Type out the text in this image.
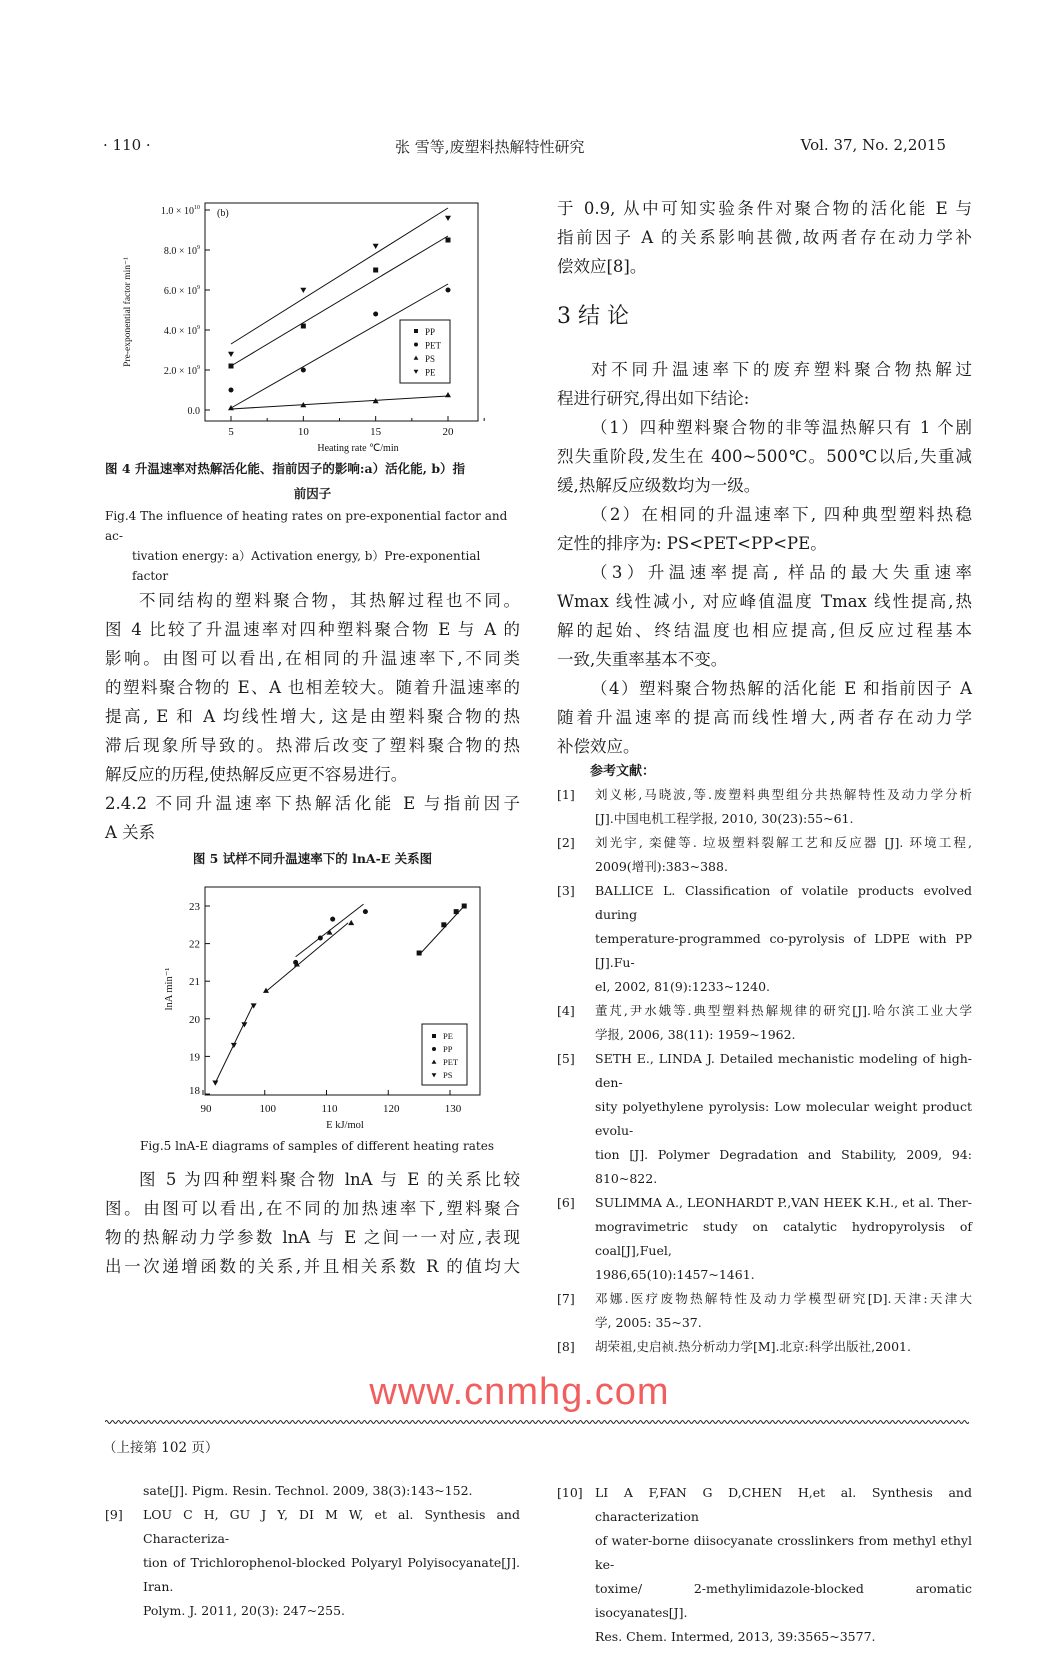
· 110 ·	张 雪等,废塑料热解特性研究	Vol. 37, No. 2,2015
5	10	15	20
0.0
$2.0 \times 10^9$
$4.0 \times 10^9$
$6.0 \times 10^9$
$8.0 \times 10^9$
$1.0 \times 10^{10}$ (b)
Heating rate ℃/min
Pre-exponential factor min⁻¹	PP
PET
PS
PE
图 4 升温速率对热解活化能、指前因子的影响:a）活化能, b）指
前因子
Fig.4 The influence of heating rates on pre-exponential factor and ac-
tivation energy: a）Activation energy, b）Pre-exponential factor
不同结构的塑料聚合物，其热解过程也不同。
图 4 比较了升温速率对四种塑料聚合物 E 与 A 的
影响。由图可以看出,在相同的升温速率下,不同类
的塑料聚合物的 E、A 也相差较大。随着升温速率的
提高, E 和 A 均线性增大, 这是由塑料聚合物的热
滞后现象所导致的。热滞后改变了塑料聚合物的热
解反应的历程,使热解反应更不容易进行。
2.4.2 不同升温速率下热解活化能 E 与指前因子
A 关系
图 5 试样不同升温速率下的 lnA-E 关系图
90	100	110	120	130
18
19
20
21
22
23
E kJ/mol
lnA min⁻¹
PE
PP
PET
PS
Fig.5 lnA-E diagrams of samples of different heating rates
图 5 为四种塑料聚合物 lnA 与 E 的关系比较
图。由图可以看出,在不同的加热速率下,塑料聚合
物的热解动力学参数 lnA 与 E 之间一一对应,表现
出一次递增函数的关系,并且相关系数 R 的值均大
于 0.9, 从中可知实验条件对聚合物的活化能 E 与
指前因子 A 的关系影响甚微,故两者存在动力学补
偿效应[8]。
3 结 论
对不同升温速率下的废弃塑料聚合物热解过
程进行研究,得出如下结论:
（1）四种塑料聚合物的非等温热解只有 1 个剧
烈失重阶段,发生在 400~500℃。500℃以后,失重减
缓,热解反应级数均为一级。
（2）在相同的升温速率下, 四种典型塑料热稳
定性的排序为: PS<PET<PP<PE。
（3）升温速率提高, 样品的最大失重速率
Wmax 线性减小, 对应峰值温度 Tmax 线性提高,热
解的起始、终结温度也相应提高,但反应过程基本
一致,失重率基本不变。
（4）塑料聚合物热解的活化能 E 和指前因子 A
随着升温速率的提高而线性增大,两者存在动力学
补偿效应。
参考文献：
[1] 刘义彬,马晓波,等.废塑料典型组分共热解特性及动力学分析
[J].中国电机工程学报, 2010, 30(23):55~61.
[2] 刘光宇, 栾健等. 垃圾塑料裂解工艺和反应器 [J]. 环境工程,
2009(增刊):383~388.
[3] BALLICE L. Classification of volatile products evolved during
temperature-programmed co-pyrolysis of LDPE with PP [J].Fu-
el, 2002, 81(9):1233~1240.
[4] 董芃,尹水娥等.典型塑料热解规律的研究[J].哈尔滨工业大学
学报, 2006, 38(11): 1959~1962.
[5] SETH E., LINDA J. Detailed mechanistic modeling of high-den-
sity polyethylene pyrolysis: Low molecular weight product evolu-
tion [J]. Polymer Degradation and Stability, 2009, 94: 810~822.
[6] SULIMMA A., LEONHARDT P.,VAN HEEK K.H., et al. Ther-
mogravimetric study on catalytic hydropyrolysis of coal[J],Fuel,
1986,65(10):1457~1461.
[7] 邓娜.医疗废物热解特性及动力学模型研究[D].天津:天津大
学, 2005: 35~37.
[8] 胡荣祖,史启祯.热分析动力学[M].北京:科学出版社,2001.
www.cnmhg.com
（上接第 102 页）
sate[J]. Pigm. Resin. Technol. 2009, 38(3):143~152.
[9] LOU C H, GU J Y, DI M W, et al. Synthesis and Characteriza-
tion of Trichlorophenol-blocked Polyaryl Polyisocyanate[J]. Iran.
Polym. J. 2011, 20(3): 247~255.
[10] LI A F,FAN G D,CHEN H,et al. Synthesis and characterization
of water-borne diisocyanate crosslinkers from methyl ethyl ke-
toxime/ 2-methylimidazole-blocked aromatic isocyanates[J].
Res. Chem. Intermed, 2013, 39:3565~3577.
